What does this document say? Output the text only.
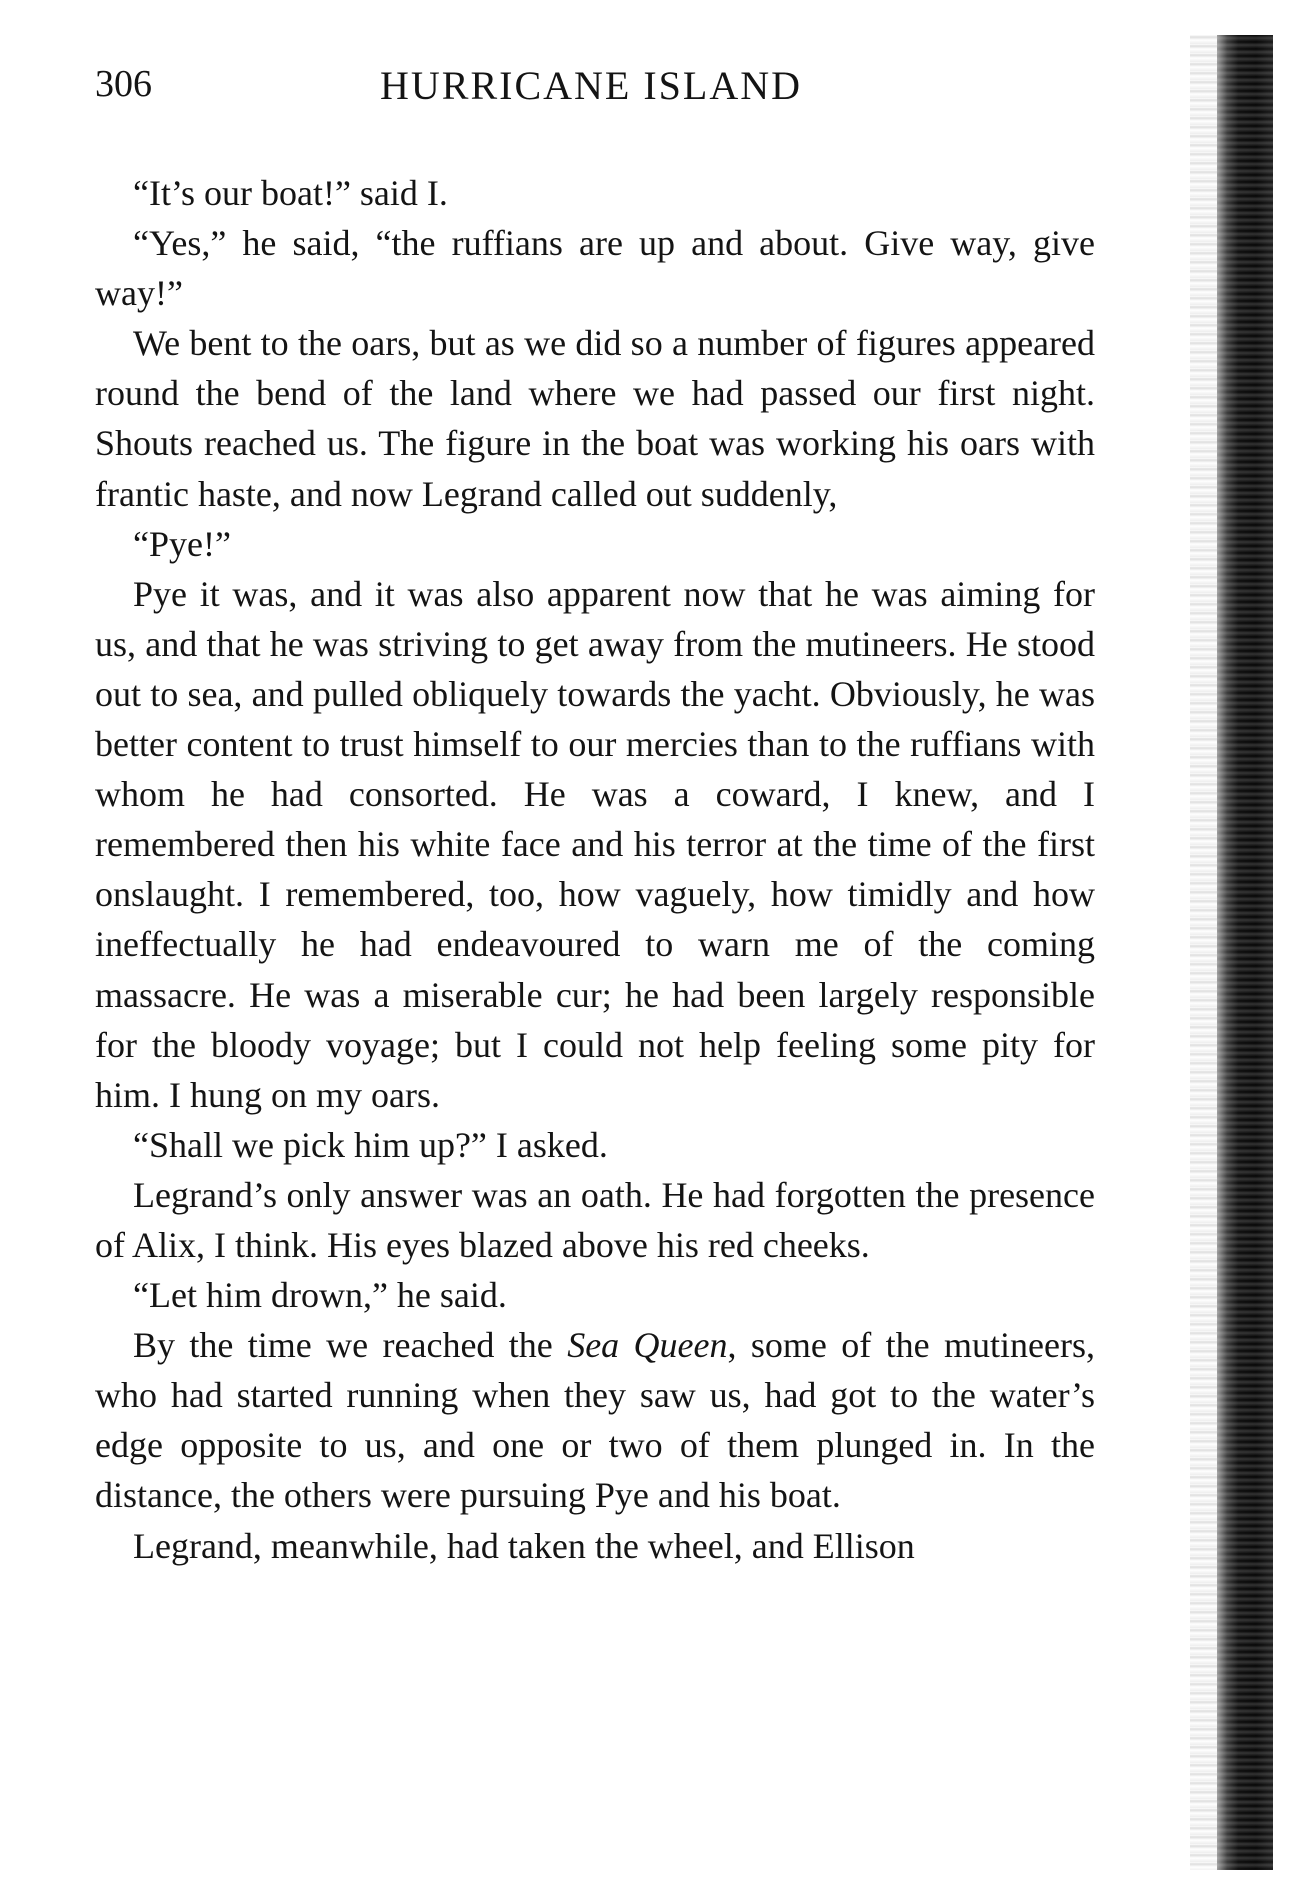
306	HURRICANE ISLAND

“It’s our boat!” said I.

“Yes,” he said, “the ruffians are up and about. Give way, give way!”

We bent to the oars, but as we did so a number of figures appeared round the bend of the land where we had passed our first night. Shouts reached us. The figure in the boat was working his oars with frantic haste, and now Legrand called out suddenly,

“Pye!”

Pye it was, and it was also apparent now that he was aiming for us, and that he was striving to get away from the mutineers. He stood out to sea, and pulled obliquely towards the yacht. Obviously, he was better content to trust himself to our mercies than to the ruffians with whom he had consorted. He was a coward, I knew, and I remembered then his white face and his terror at the time of the first onslaught. I remembered, too, how vaguely, how timidly and how ineffectually he had endeavoured to warn me of the coming massacre. He was a miserable cur; he had been largely responsible for the bloody voyage; but I could not help feeling some pity for him. I hung on my oars.

“Shall we pick him up?” I asked.

Legrand’s only answer was an oath. He had forgotten the presence of Alix, I think. His eyes blazed above his red cheeks.

“Let him drown,” he said.

By the time we reached the Sea Queen, some of the mutineers, who had started running when they saw us, had got to the water’s edge opposite to us, and one or two of them plunged in. In the distance, the others were pursuing Pye and his boat.

Legrand, meanwhile, had taken the wheel, and Ellison
